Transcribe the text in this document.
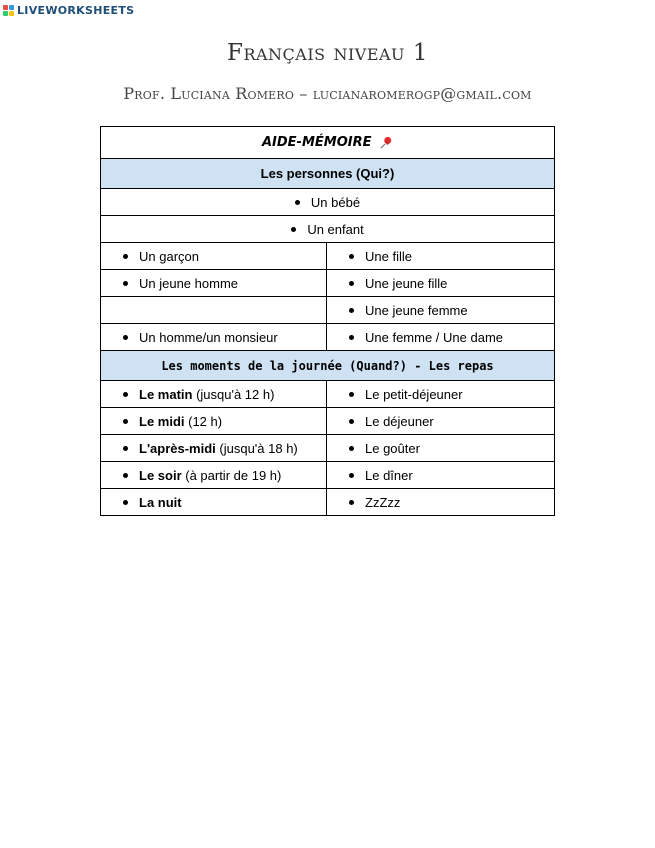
LIVEWORKSHEETS
Français niveau 1
Prof. Luciana Romero – lucianaromerogp@gmail.com
AIDE-MÉMOIRE	
Les personnes (Qui?)	
Un bébé	
Un enfant	
Un garçon	Une fille
Un jeune homme	Une jeune fille
	Une jeune femme
Un homme/un monsieur	Une femme / Une dame
Les moments de la journée (Quand?) - Les repas	
Le matin (jusqu'à 12 h)	Le petit-déjeuner
Le midi (12 h)	Le déjeuner
L'après-midi (jusqu'à 18 h)	Le goûter
Le soir (à partir de 19 h)	Le dîner
La nuit	ZzZzz
